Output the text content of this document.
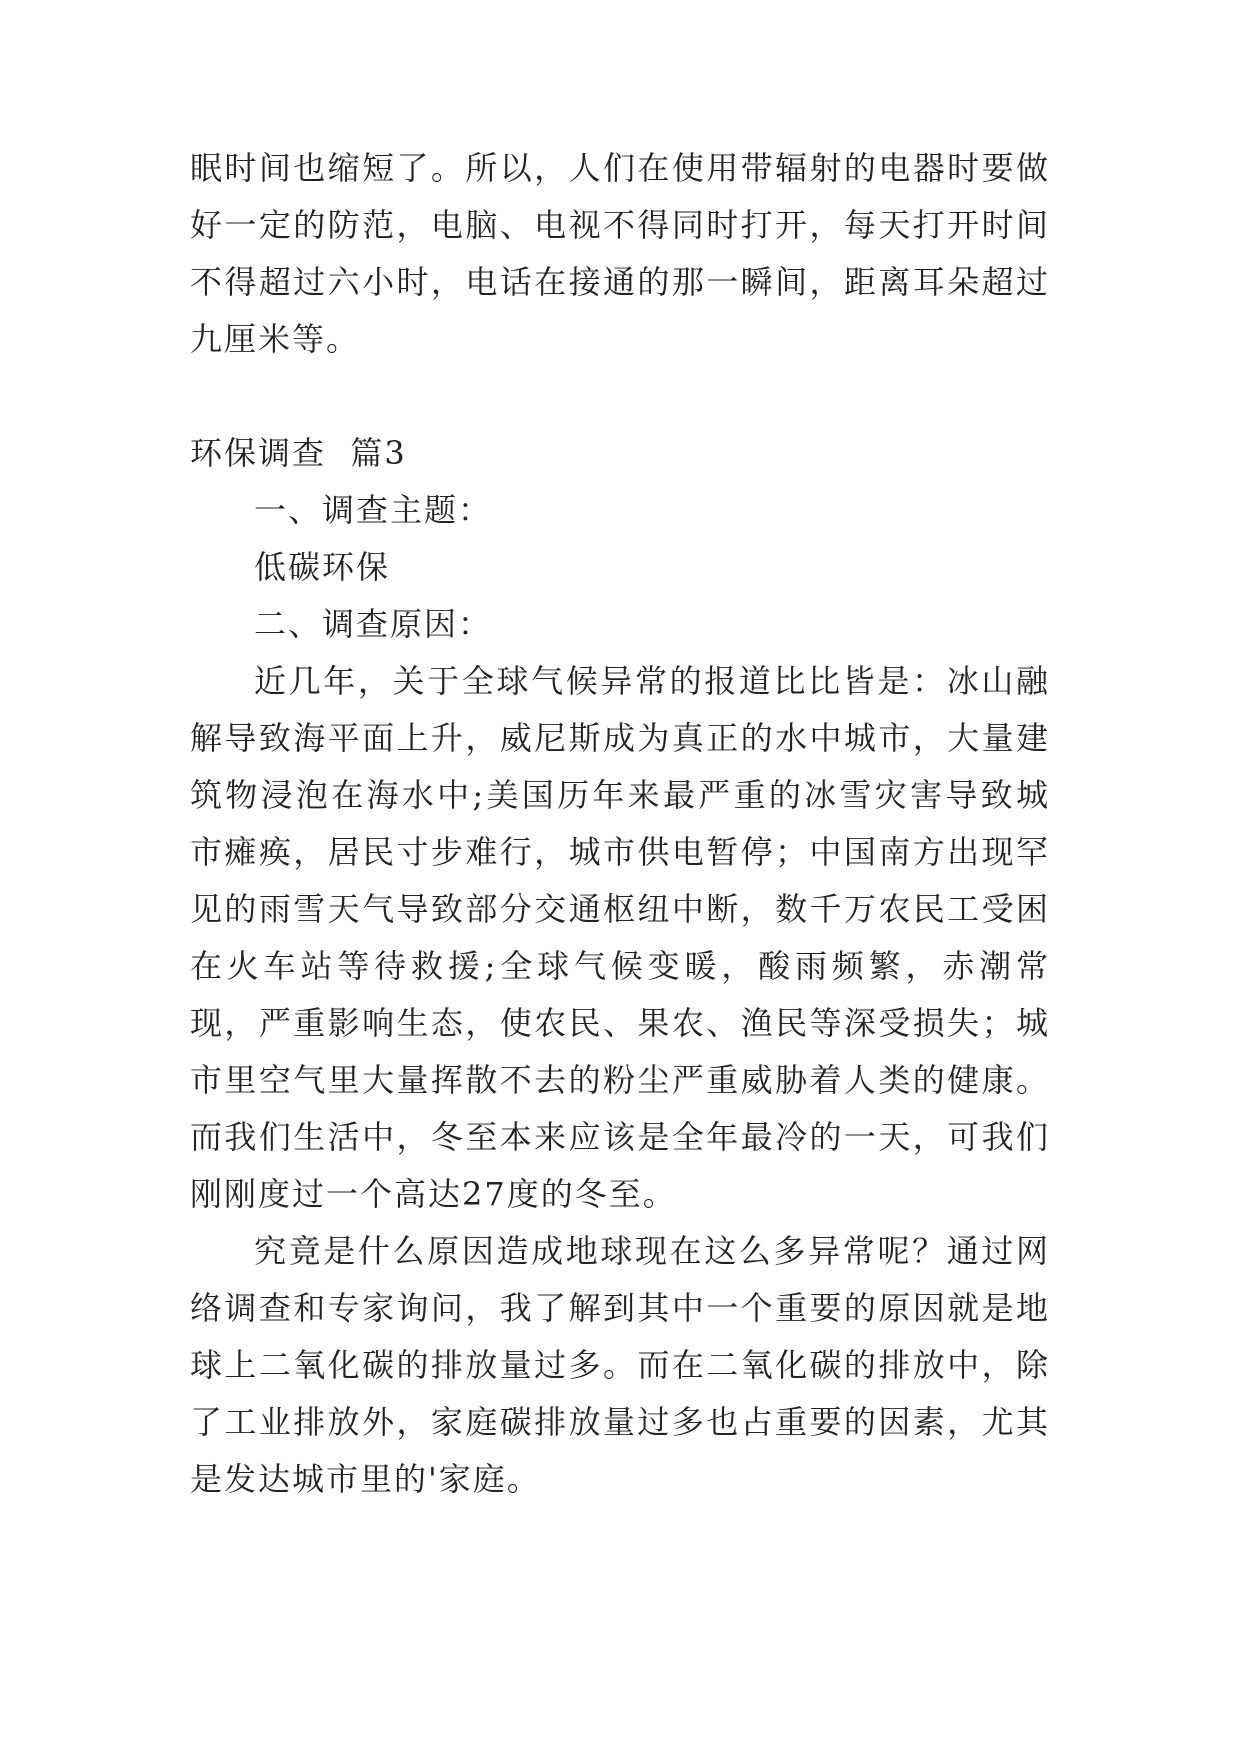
眠时间也缩短了。所以，人们在使用带辐射的电器时要做好一定的防范，电脑、电视不得同时打开，每天打开时间不得超过六小时，电话在接通的那一瞬间，距离耳朵超过九厘米等。

环保调查  篇3

一、调查主题：

低碳环保

二、调查原因：

近几年，关于全球气候异常的报道比比皆是：冰山融解导致海平面上升，威尼斯成为真正的水中城市，大量建筑物浸泡在海水中;美国历年来最严重的冰雪灾害导致城市瘫痪，居民寸步难行，城市供电暂停；中国南方出现罕见的雨雪天气导致部分交通枢纽中断，数千万农民工受困在火车站等待救援;全球气候变暖，酸雨频繁，赤潮常现，严重影响生态，使农民、果农、渔民等深受损失；城市里空气里大量挥散不去的粉尘严重威胁着人类的健康。而我们生活中，冬至本来应该是全年最冷的一天，可我们刚刚度过一个高达27度的冬至。

究竟是什么原因造成地球现在这么多异常呢？通过网络调查和专家询问，我了解到其中一个重要的原因就是地球上二氧化碳的排放量过多。而在二氧化碳的排放中，除了工业排放外，家庭碳排放量过多也占重要的因素，尤其是发达城市里的'家庭。
